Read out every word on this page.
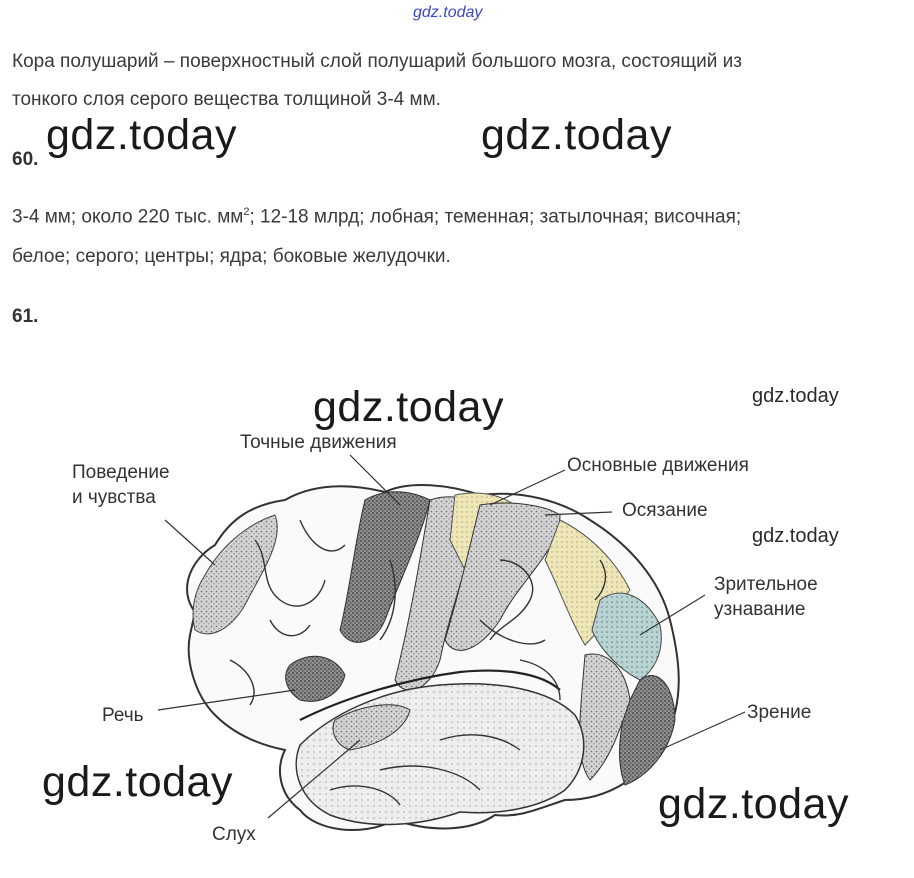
gdz.today
Кора полушарий – поверхностный слой полушарий большого мозга, состоящий из
тонкого слоя серого вещества толщиной 3-4 мм.
60.
3-4 мм; около 220 тыс. $мм^2$; 12-18 млрд; лобная; теменная; затылочная; височная;
белое; серого; центры; ядра; боковые желудочки.
61.
Точные движения
Поведение
и чувства
Основные движения
Осязание
Зрительное
узнавание
Речь	Зрение
Слух
gdz.today	gdz.today
gdz.today
gdz.today	gdz.today
gdz.today
gdz.today
